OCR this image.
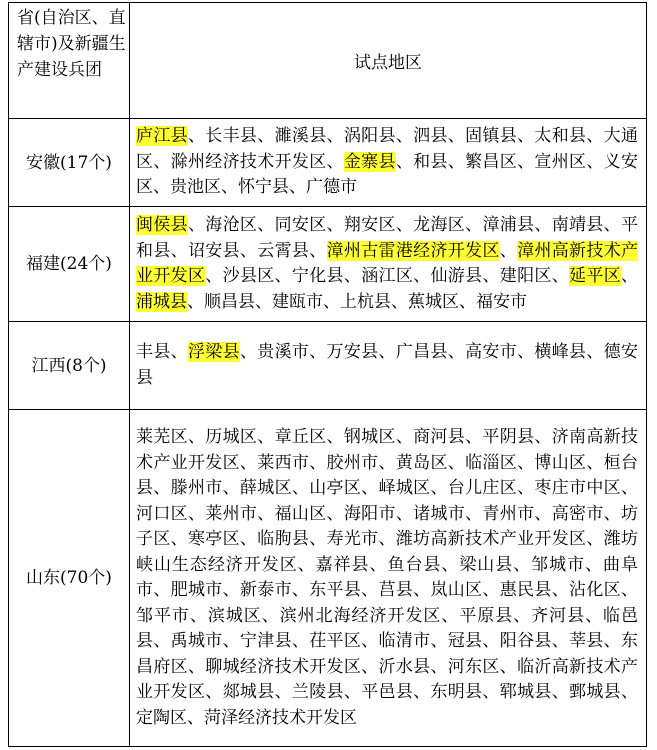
省(自治区、直辖市)及新疆生产建设兵团	试点地区
安徽(17个)	庐江县、长丰县、濉溪县、涡阳县、泗县、固镇县、太和县、大通区、滁州经济技术开发区、金寨县、和县、繁昌区、宣州区、义安区、贵池区、怀宁县、广德市
福建(24个)	闽侯县、海沧区、同安区、翔安区、龙海区、漳浦县、南靖县、平和县、诏安县、云霄县、漳州古雷港经济开发区、漳州高新技术产业开发区、沙县区、宁化县、涵江区、仙游县、建阳区、延平区、浦城县、顺昌县、建瓯市、上杭县、蕉城区、福安市
江西(8个)	丰县、浮梁县、贵溪市、万安县、广昌县、高安市、横峰县、德安县
山东(70个)	莱芜区、历城区、章丘区、钢城区、商河县、平阴县、济南高新技术产业开发区、莱西市、胶州市、黄岛区、临淄区、博山区、桓台县、滕州市、薛城区、山亭区、峄城区、台儿庄区、枣庄市中区、 河口区、莱州市、福山区、海阳市、诸城市、青州市、高密市、坊子区、寒亭区、临朐县、寿光市、潍坊高新技术产业开发区、潍坊峡山生态经济开发区、嘉祥县、鱼台县、梁山县、邹城市、曲阜市、肥城市、新泰市、东平县、莒县、岚山区、惠民县、沾化区、邹平市、滨城区、滨州北海经济开发区、平原县、齐河县、临邑县、禹城市、宁津县、茌平区、临清市、冠县、阳谷县、莘县、东昌府区、聊城经济技术开发区、沂水县、河东区、临沂高新技术产业开发区、郯城县、兰陵县、平邑县、东明县、郓城县、鄄城县、定陶区、菏泽经济技术开发区
